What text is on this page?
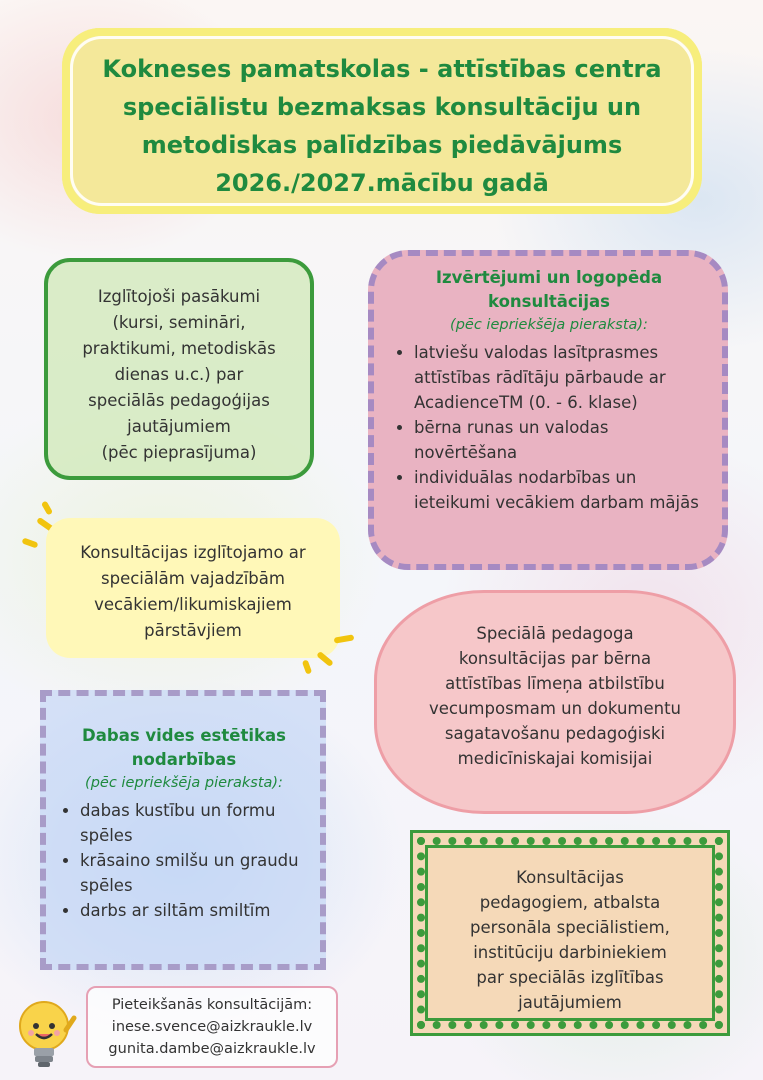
Kokneses pamatskolas - attīstības centra
speciālistu bezmaksas konsultāciju un
metodiskas palīdzības piedāvājums
2026./2027.mācību gadā
Izglītojoši pasākumi
(kursi, semināri,
praktikumi, metodiskās
dienas u.c.) par
speciālās pedagoģijas
jautājumiem
(pēc pieprasījuma)
Izvērtējumi un logopēda
konsultācijas
(pēc iepriekšēja pieraksta):
• latviešu valodas lasītprasmes attīstības rādītāju pārbaude ar AcadienceTM (0. - 6. klase)
• bērna runas un valodas novērtēšana
• individuālas nodarbības un ieteikumi vecākiem darbam mājās
Konsultācijas izglītojamo ar
speciālām vajadzībām
vecākiem/likumiskajiem
pārstāvjiem	Speciālā pedagoga
konsultācijas par bērna
attīstības līmeņa atbilstību
vecumposmam un dokumentu
sagatavošanu pedagoģiski
medicīniskajai komisijai
Dabas vides estētikas
nodarbības
(pēc iepriekšēja pieraksta):
• dabas kustību un formu spēles
• krāsaino smilšu un graudu spēles
• darbs ar siltām smiltīm
Konsultācijas
pedagogiem, atbalsta
personāla speciālistiem,
institūciju darbiniekiem
par speciālās izglītības
jautājumiem
Pieteikšanās konsultācijām:
inese.svence@aizkraukle.lv
gunita.dambe@aizkraukle.lv
